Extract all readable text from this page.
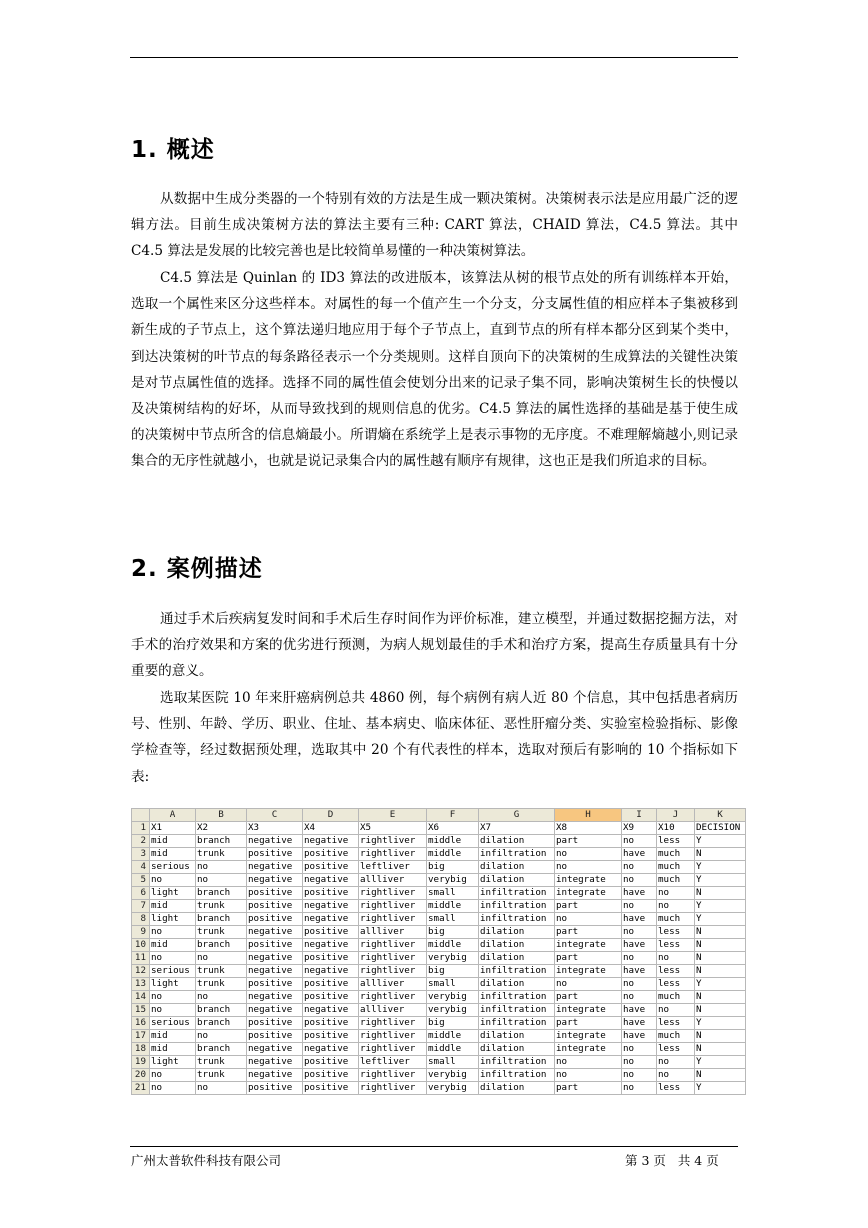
1. 概述

从数据中生成分类器的一个特别有效的方法是生成一颗决策树。决策树表示法是应用最广泛的逻辑方法。目前生成决策树方法的算法主要有三种: CART 算法，CHAID 算法，C4.5 算法。其中 C4.5 算法是发展的比较完善也是比较简单易懂的一种决策树算法。

C4.5 算法是 Quinlan 的 ID3 算法的改进版本，该算法从树的根节点处的所有训练样本开始，选取一个属性来区分这些样本。对属性的每一个值产生一个分支，分支属性值的相应样本子集被移到新生成的子节点上，这个算法递归地应用于每个子节点上，直到节点的所有样本都分区到某个类中，到达决策树的叶节点的每条路径表示一个分类规则。这样自顶向下的决策树的生成算法的关键性决策是对节点属性值的选择。选择不同的属性值会使划分出来的记录子集不同，影响决策树生长的快慢以及决策树结构的好坏，从而导致找到的规则信息的优劣。C4.5 算法的属性选择的基础是基于使生成的决策树中节点所含的信息熵最小。所谓熵在系统学上是表示事物的无序度。不难理解熵越小,则记录集合的无序性就越小，也就是说记录集合内的属性越有顺序有规律，这也正是我们所追求的目标。

2. 案例描述

通过手术后疾病复发时间和手术后生存时间作为评价标准，建立模型，并通过数据挖掘方法，对手术的治疗效果和方案的优劣进行预测，为病人规划最佳的手术和治疗方案，提高生存质量具有十分重要的意义。

选取某医院 10 年来肝癌病例总共 4860 例，每个病例有病人近 80 个信息，其中包括患者病历号、性别、年龄、学历、职业、住址、基本病史、临床体征、恶性肝瘤分类、实验室检验指标、影像学检查等，经过数据预处理，选取其中 20 个有代表性的样本，选取对预后有影响的 10 个指标如下表:

	A	B	C	D	E	F	G	H	I	J	K
1	X1	X2	X3	X4	X5	X6	X7	X8	X9	X10	DECISION
2	mid	branch	negative	negative	rightliver	middle	dilation	part	no	less	Y
3	mid	trunk	positive	positive	rightliver	middle	infiltration	no	have	much	N
4	serious	no	negative	positive	leftliver	big	dilation	no	no	much	Y
5	no	no	negative	negative	allliver	verybig	dilation	integrate	no	much	Y
6	light	branch	positive	positive	rightliver	small	infiltration	integrate	have	no	N
7	mid	trunk	positive	negative	rightliver	middle	infiltration	part	no	no	Y
8	light	branch	positive	negative	rightliver	small	infiltration	no	have	much	Y
9	no	trunk	negative	positive	allliver	big	dilation	part	no	less	N
10	mid	branch	positive	negative	rightliver	middle	dilation	integrate	have	less	N
11	no	no	negative	positive	rightliver	verybig	dilation	part	no	no	N
12	serious	trunk	negative	negative	rightliver	big	infiltration	integrate	have	less	N
13	light	trunk	positive	positive	allliver	small	dilation	no	no	less	Y
14	no	no	negative	positive	rightliver	verybig	infiltration	part	no	much	N
15	no	branch	negative	negative	allliver	verybig	infiltration	integrate	have	no	N
16	serious	branch	positive	positive	rightliver	big	infiltration	part	have	less	Y
17	mid	no	positive	positive	rightliver	middle	dilation	integrate	have	much	N
18	mid	branch	negative	negative	rightliver	middle	dilation	integrate	no	less	N
19	light	trunk	negative	positive	leftliver	small	infiltration	no	no	no	Y
20	no	trunk	negative	positive	rightliver	verybig	infiltration	no	no	no	N
21	no	no	positive	positive	rightliver	verybig	dilation	part	no	less	Y
广州太普软件科技有限公司	第 3 页   共 4 页
